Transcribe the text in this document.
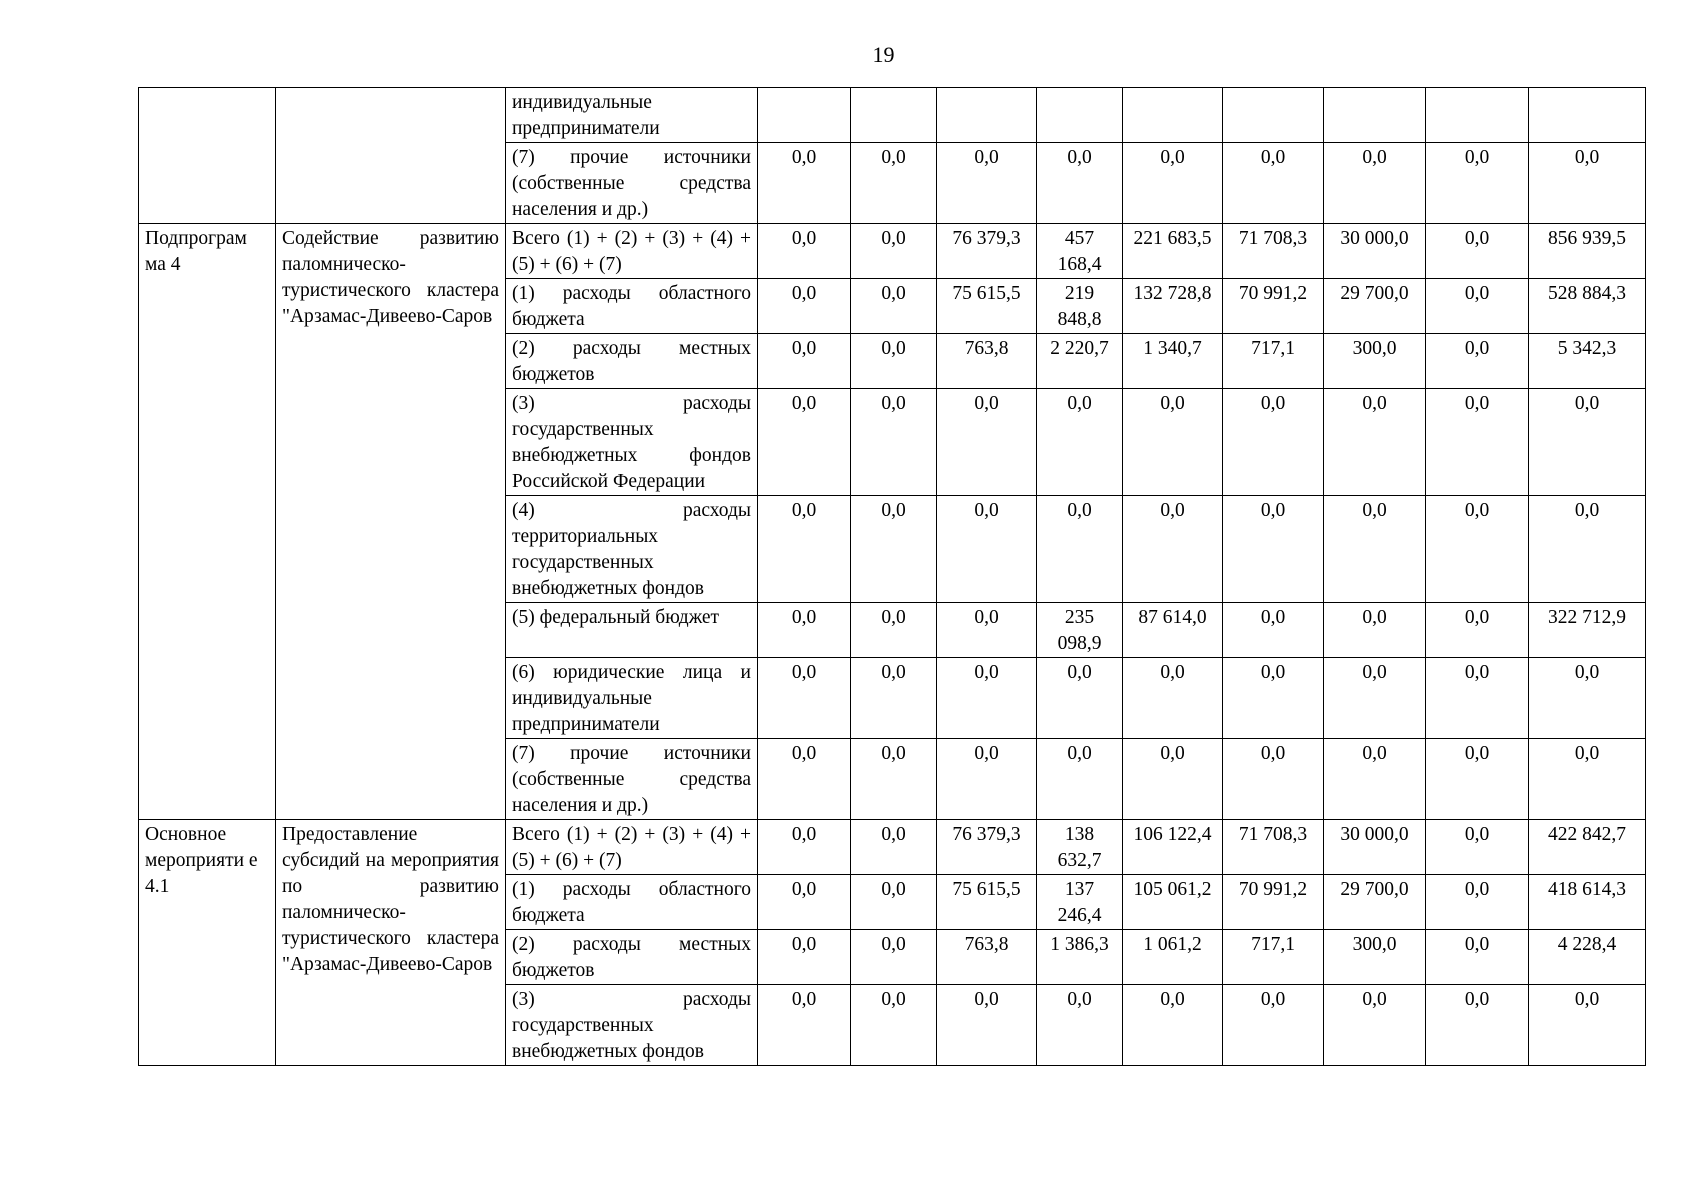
19
		индивидуальные предприниматели									
		(7) прочие источники (собственные средства населения и др.)	0,0	0,0	0,0	0,0	0,0	0,0	0,0	0,0	0,0
Подпрограм ма 4	Содействие развитию паломническо-туристического кластера "Арзамас-Дивеево-Саров	Всего (1) + (2) + (3) + (4) + (5) + (6) + (7)	0,0	0,0	76 379,3	457 168,4	221 683,5	71 708,3	30 000,0	0,0	856 939,5
		(1) расходы областного бюджета	0,0	0,0	75 615,5	219 848,8	132 728,8	70 991,2	29 700,0	0,0	528 884,3
		(2) расходы местных бюджетов	0,0	0,0	763,8	2 220,7	1 340,7	717,1	300,0	0,0	5 342,3
		(3) расходы государственных внебюджетных фондов Российской Федерации	0,0	0,0	0,0	0,0	0,0	0,0	0,0	0,0	0,0
		(4) расходы территориальных государственных внебюджетных фондов	0,0	0,0	0,0	0,0	0,0	0,0	0,0	0,0	0,0
		(5) федеральный бюджет	0,0	0,0	0,0	235 098,9	87 614,0	0,0	0,0	0,0	322 712,9
		(6) юридические лица и индивидуальные предприниматели	0,0	0,0	0,0	0,0	0,0	0,0	0,0	0,0	0,0
		(7) прочие источники (собственные средства населения и др.)	0,0	0,0	0,0	0,0	0,0	0,0	0,0	0,0	0,0
Основное мероприяти е 4.1	Предоставление субсидий на мероприятия по развитию паломническо-туристического кластера "Арзамас-Дивеево-Саров	Всего (1) + (2) + (3) + (4) + (5) + (6) + (7)	0,0	0,0	76 379,3	138 632,7	106 122,4	71 708,3	30 000,0	0,0	422 842,7
		(1) расходы областного бюджета	0,0	0,0	75 615,5	137 246,4	105 061,2	70 991,2	29 700,0	0,0	418 614,3
		(2) расходы местных бюджетов	0,0	0,0	763,8	1 386,3	1 061,2	717,1	300,0	0,0	4 228,4
		(3) расходы государственных внебюджетных фондов	0,0	0,0	0,0	0,0	0,0	0,0	0,0	0,0	0,0
